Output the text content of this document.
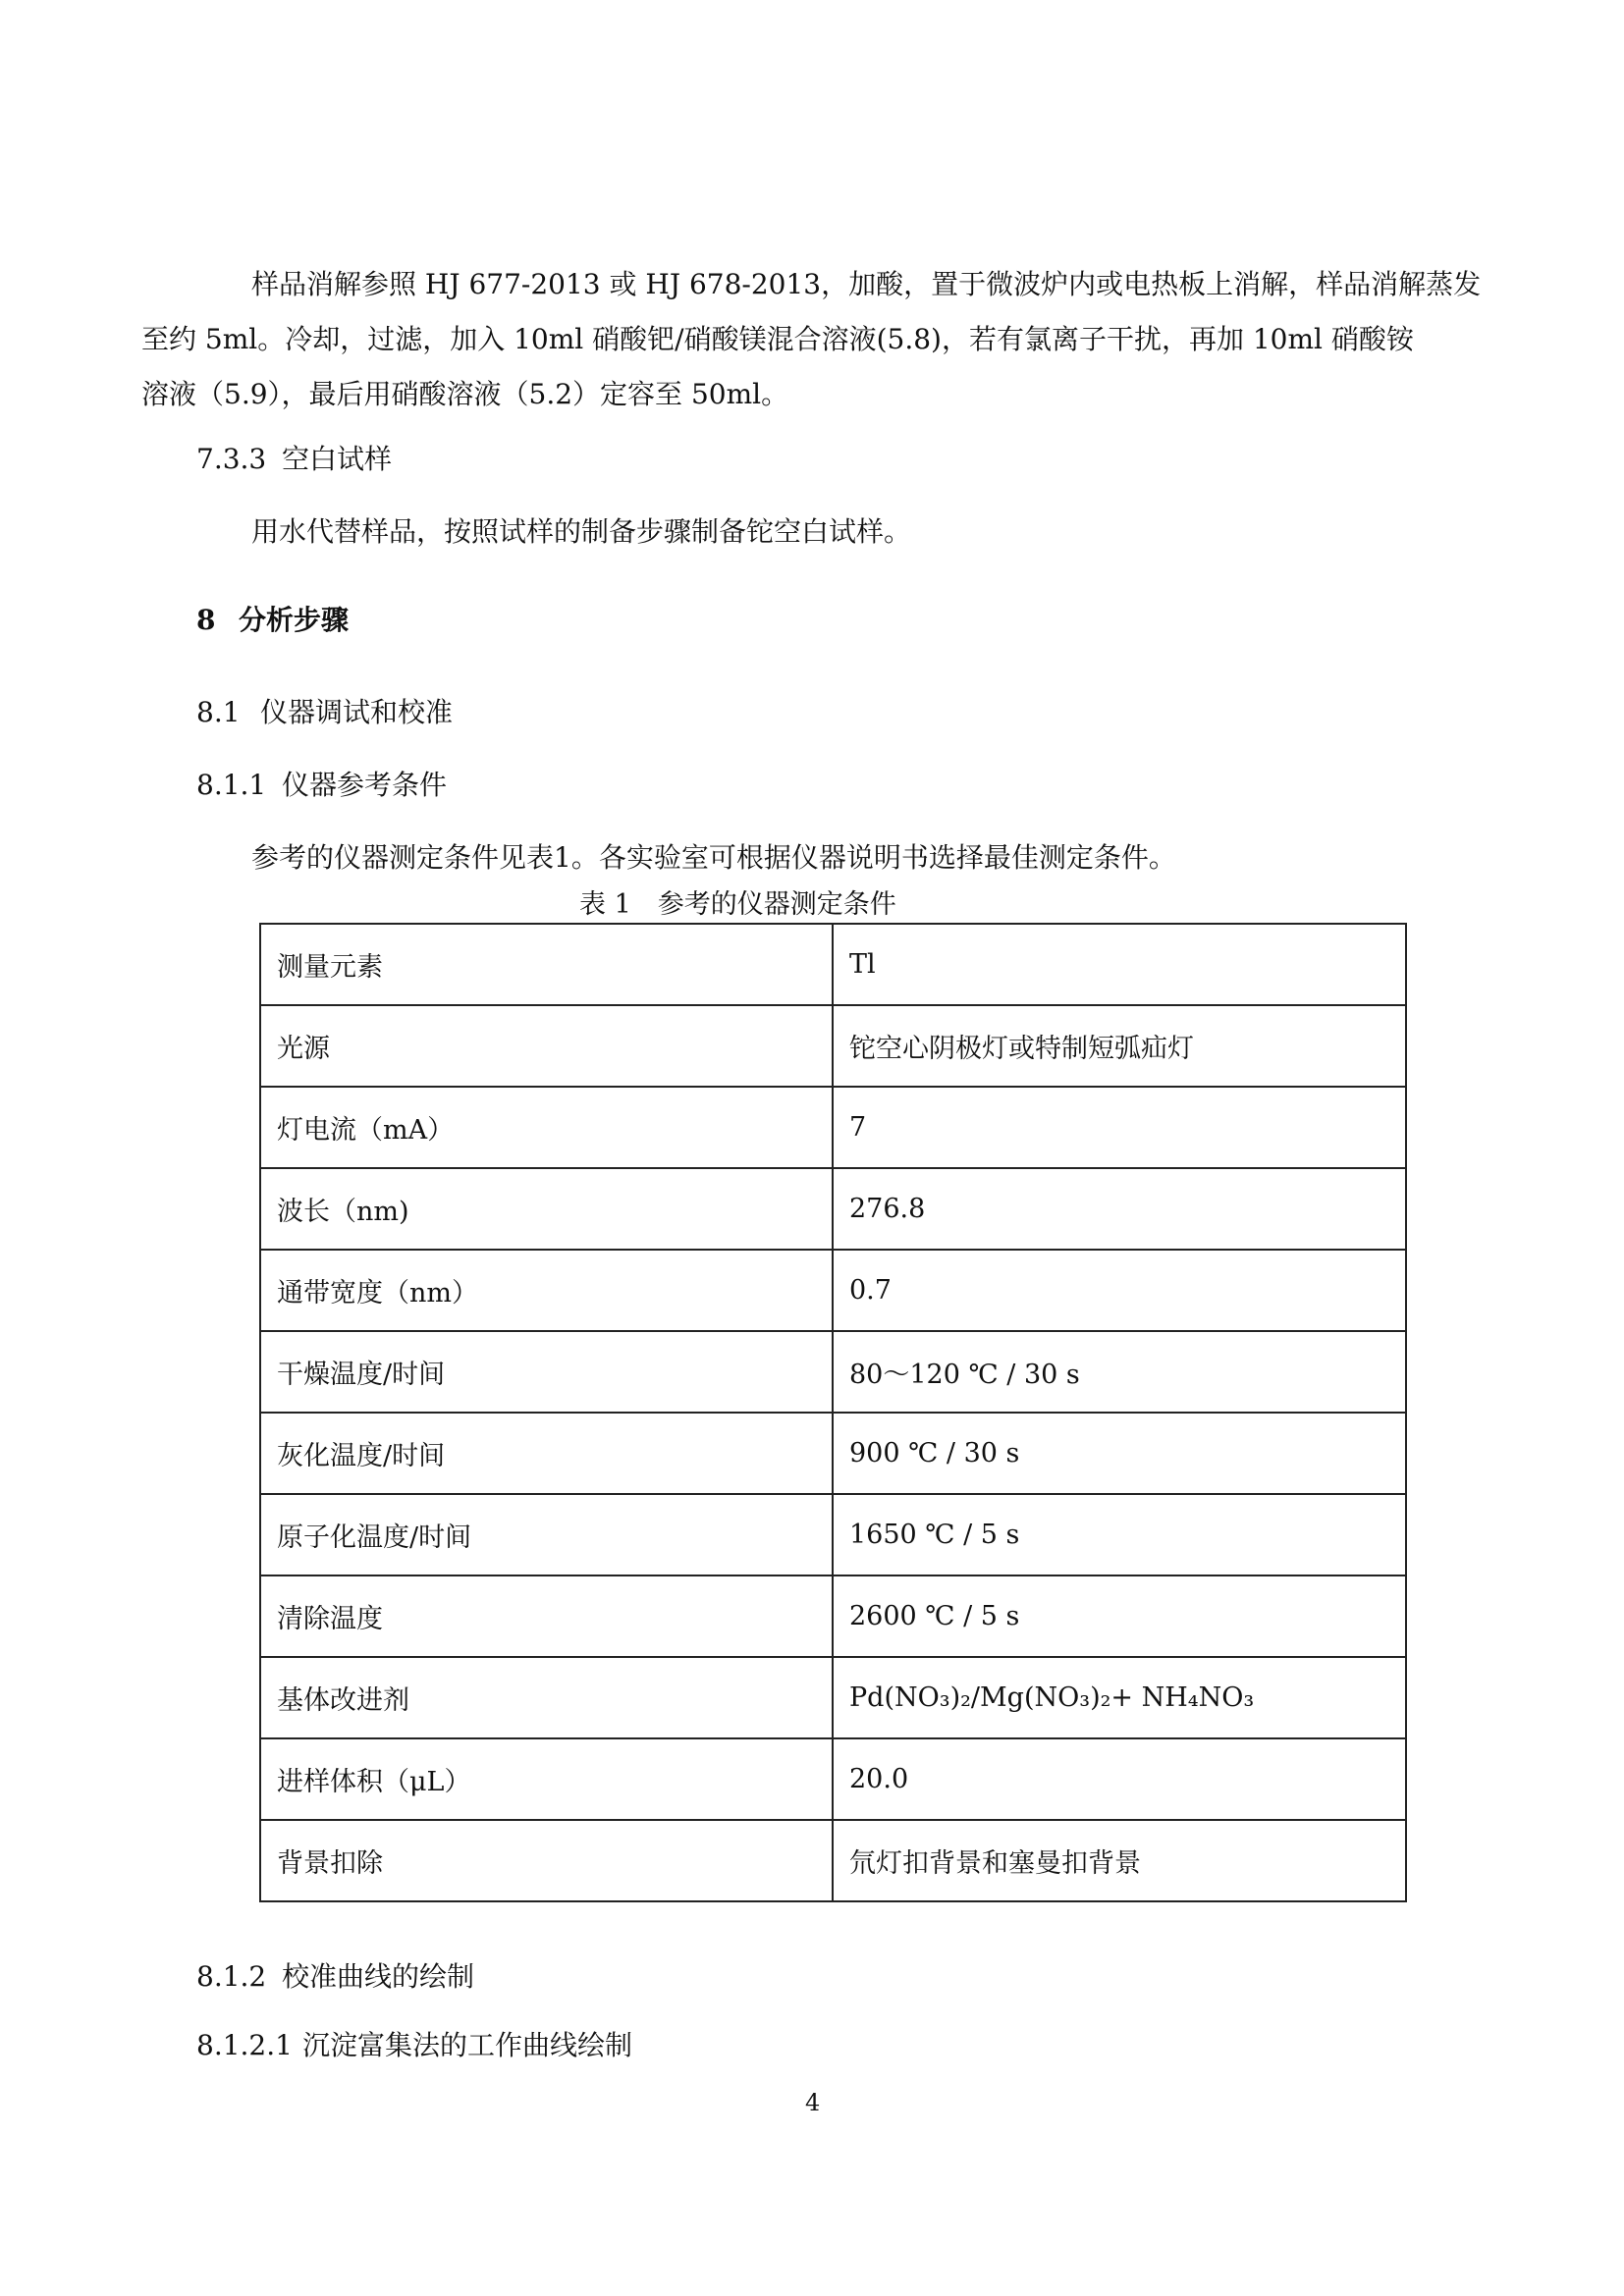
样品消解参照 HJ 677-2013 或 HJ 678-2013，加酸，置于微波炉内或电热板上消解，样品消解蒸发
至约 5ml。冷却，过滤，加入 10ml 硝酸钯/硝酸镁混合溶液(5.8)，若有氯离子干扰，再加 10ml 硝酸铵
溶液（5.9），最后用硝酸溶液（5.2）定容至 50ml。
7.3.3 空白试样
用水代替样品，按照试样的制备步骤制备铊空白试样。
8 分析步骤
8.1 仪器调试和校准
8.1.1 仪器参考条件
参考的仪器测定条件见表1。各实验室可根据仪器说明书选择最佳测定条件。
表 1　参考的仪器测定条件
测量元素	Tl
光源	铊空心阴极灯或特制短弧疝灯
灯电流（mA）	7
波长（nm)	276.8
通带宽度（nm）	0.7
干燥温度/时间	80～120 ℃ / 30 s
灰化温度/时间	900 ℃ / 30 s
原子化温度/时间	1650 ℃ / 5 s
清除温度	2600 ℃ / 5 s
基体改进剂	Pd(NO₃)₂/Mg(NO₃)₂+ NH₄NO₃
进样体积（μL）	20.0
背景扣除	氘灯扣背景和塞曼扣背景
8.1.2 校准曲线的绘制
8.1.2.1 沉淀富集法的工作曲线绘制
4
